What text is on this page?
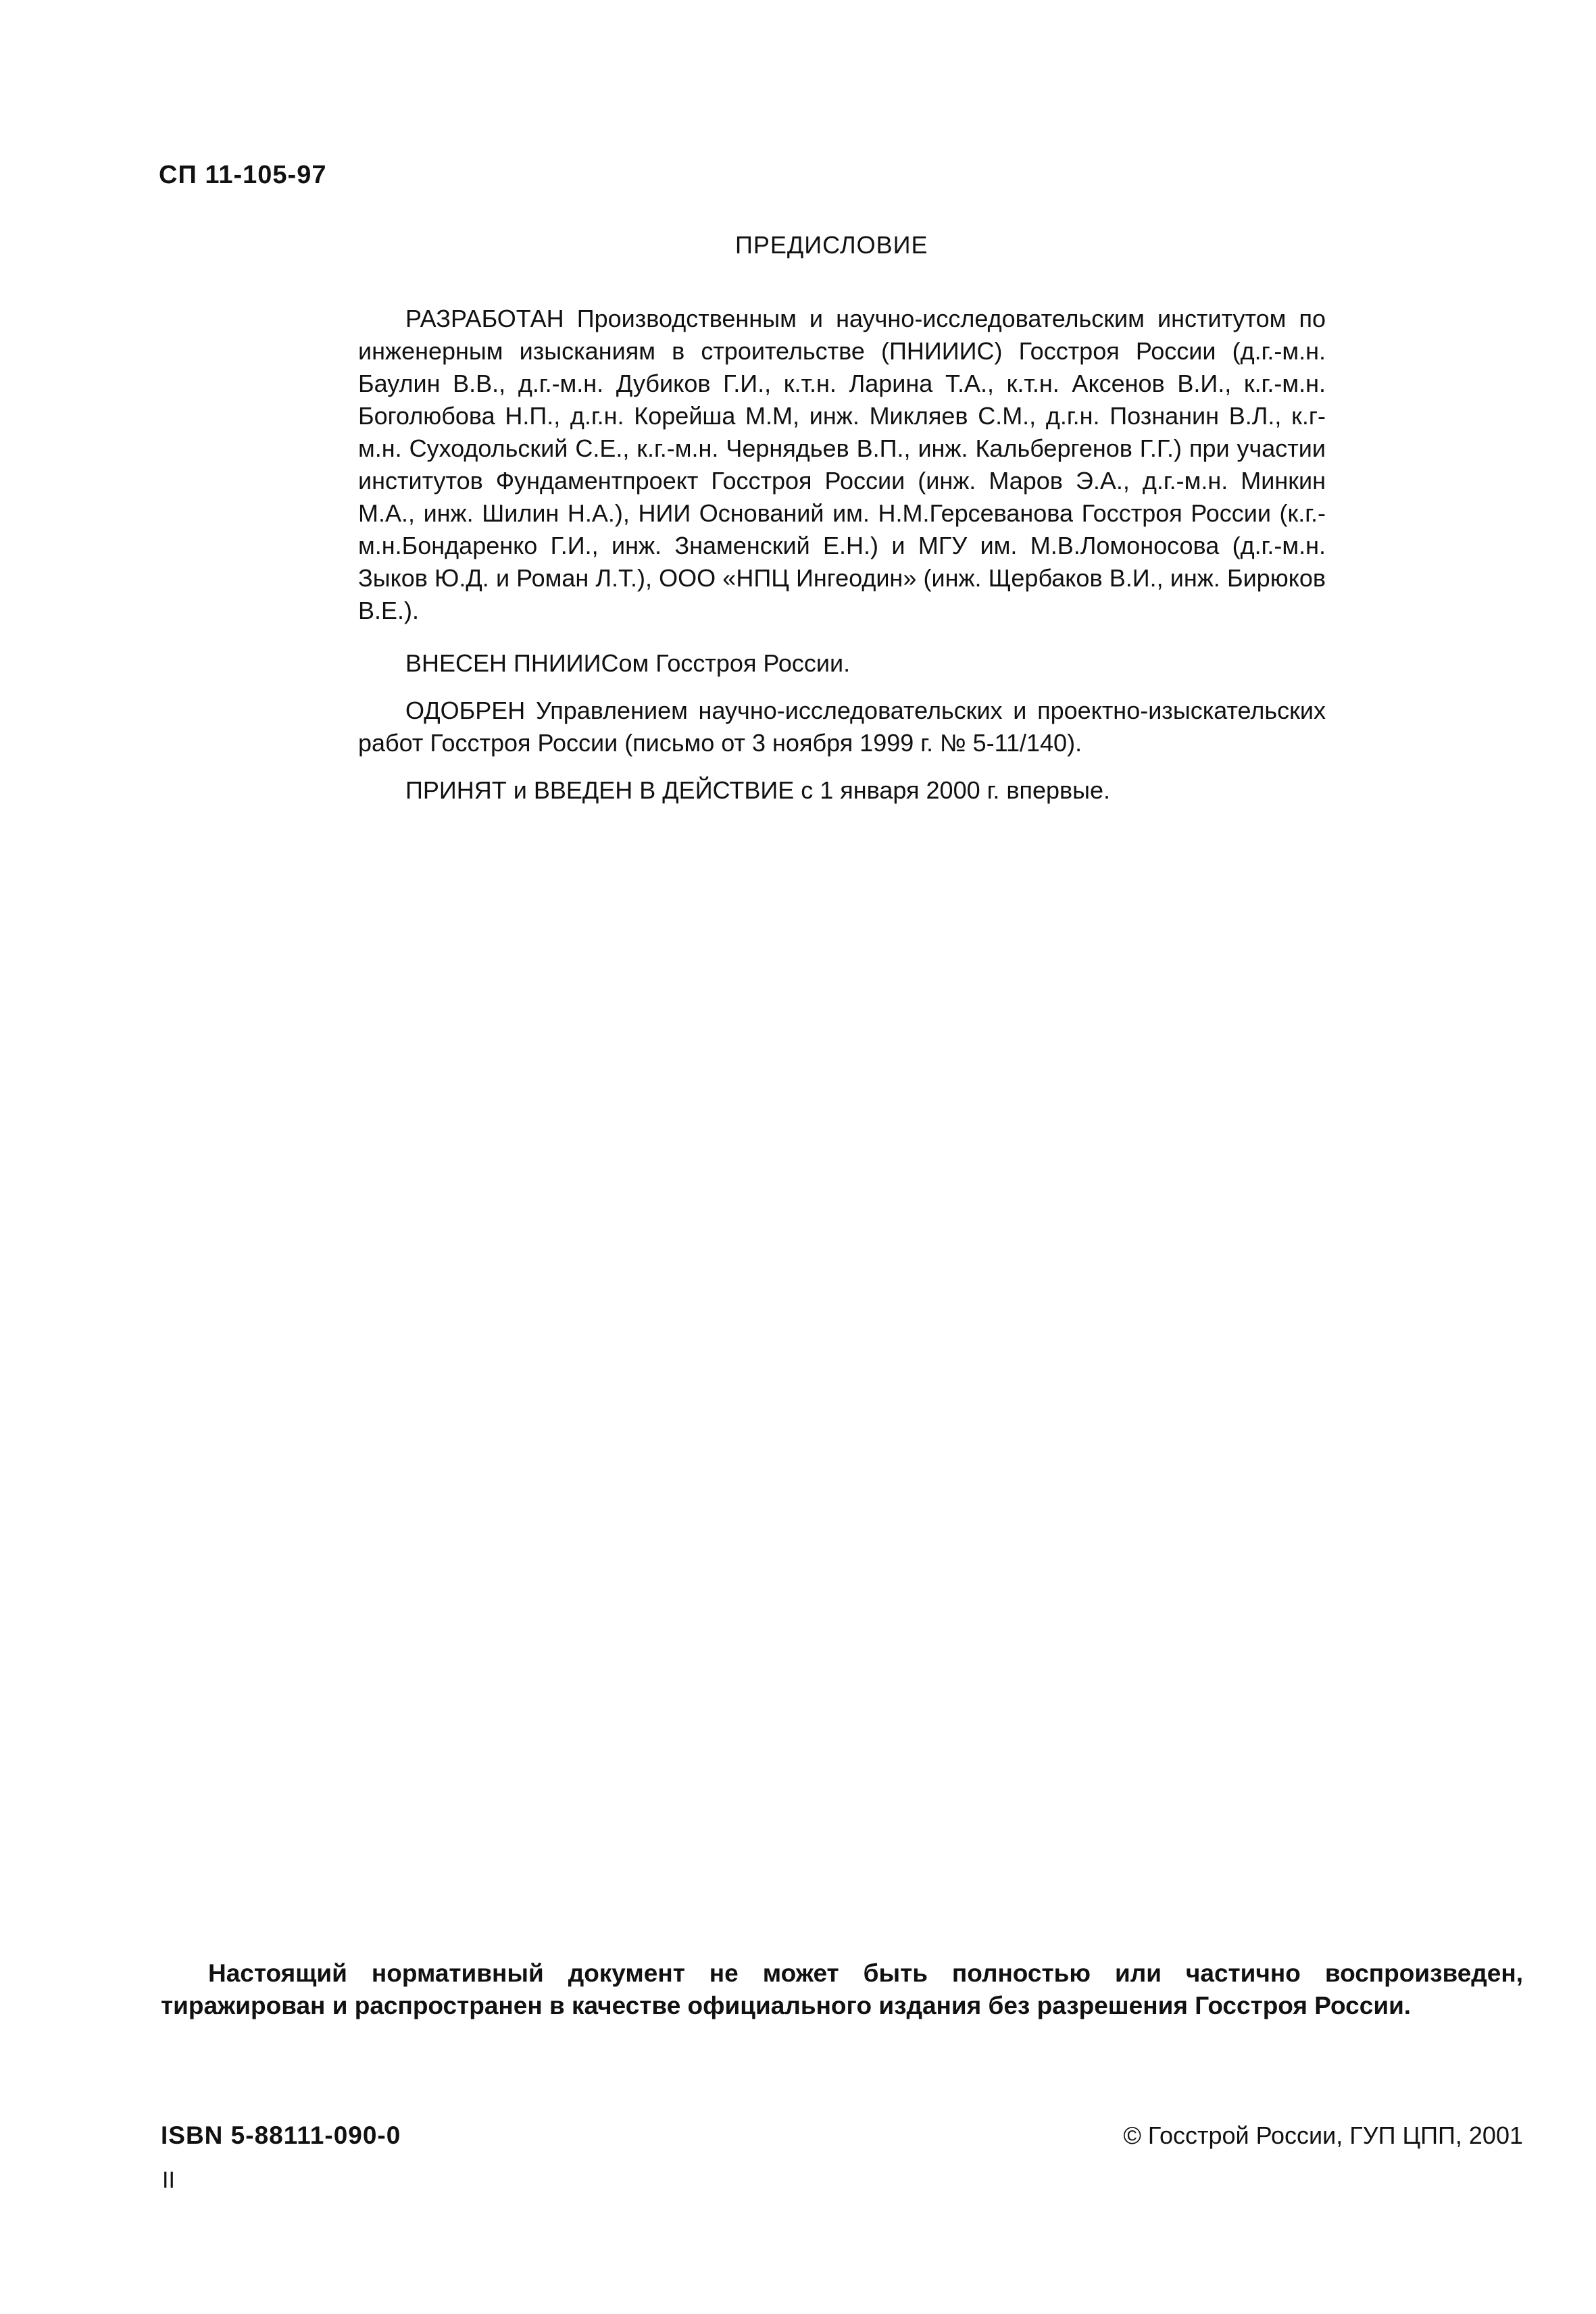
СП 11-105-97
ПРЕДИСЛОВИЕ

РАЗРАБОТАН Производственным и научно-исследовательским институтом по инженерным изысканиям в строительстве (ПНИИИС) Госстроя России (д.г.-м.н. Баулин В.В., д.г.-м.н. Дубиков Г.И., к.т.н. Ларина Т.А., к.т.н. Аксенов В.И., к.г.-м.н. Боголюбова Н.П., д.г.н. Корейша М.М, инж. Микляев С.М., д.г.н. Познанин В.Л., к.г-м.н. Суходольский С.Е., к.г.-м.н. Чернядьев В.П., инж. Кальбергенов Г.Г.) при участии институтов Фундаментпроект Госстроя России (инж. Маров Э.А., д.г.-м.н. Минкин М.А., инж. Шилин Н.А.), НИИ Оснований им. Н.М.Герсеванова Госстроя России (к.г.-м.н.Бондаренко Г.И., инж. Знаменский Е.Н.) и МГУ им. М.В.Ломоносова (д.г.-м.н. Зыков Ю.Д. и Роман Л.Т.), ООО «НПЦ Ингеодин» (инж. Щербаков В.И., инж. Бирюков В.Е.).

ВНЕСЕН ПНИИИСом Госстроя России.

ОДОБРЕН Управлением научно-исследовательских и проектно-изыскательских работ Госстроя России (письмо от 3 ноября 1999 г. № 5-11/140).

ПРИНЯТ и ВВЕДЕН В ДЕЙСТВИЕ с 1 января 2000 г. впервые.

Настоящий нормативный документ не может быть полностью или частично воспроизведен, тиражирован и распространен в качестве официального издания без разрешения Госстроя России.
ISBN 5-88111-090-0	© Госстрой России, ГУП ЦПП, 2001
II
